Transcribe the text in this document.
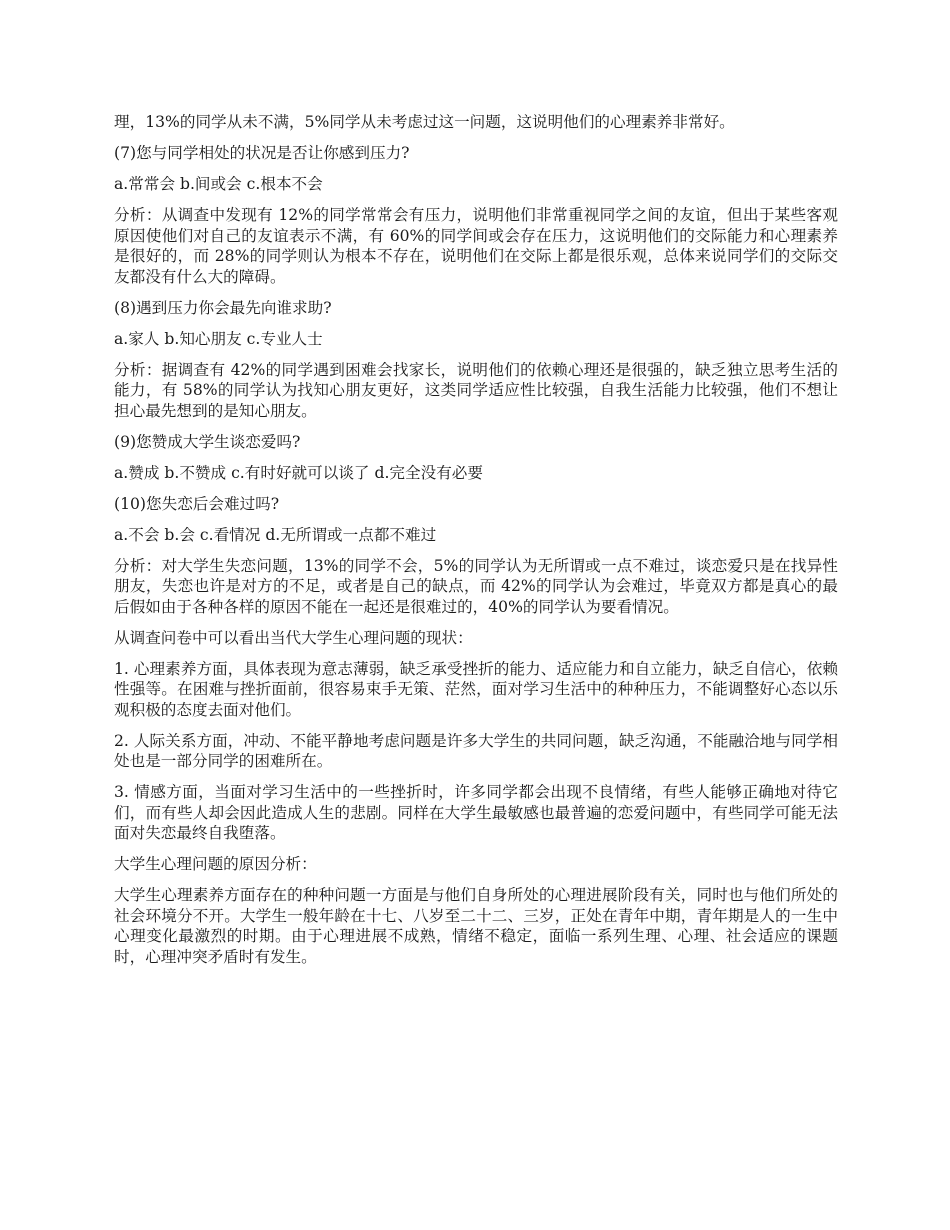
理，13%的同学从未不满，5%同学从未考虑过这一问题，这说明他们的心理素养非常好。

(7)您与同学相处的状况是否让你感到压力?

a.常常会 b.间或会 c.根本不会

分析：从调查中发现有 12%的同学常常会有压力，说明他们非常重视同学之间的友谊，但出于某些客观原因使他们对自己的友谊表示不满，有 60%的同学间或会存在压力，这说明他们的交际能力和心理素养是很好的，而 28%的同学则认为根本不存在，说明他们在交际上都是很乐观，总体来说同学们的交际交友都没有什么大的障碍。

(8)遇到压力你会最先向谁求助?

a.家人 b.知心朋友 c.专业人士

分析：据调查有 42%的同学遇到困难会找家长，说明他们的依赖心理还是很强的，缺乏独立思考生活的能力，有 58%的同学认为找知心朋友更好，这类同学适应性比较强，自我生活能力比较强，他们不想让担心最先想到的是知心朋友。

(9)您赞成大学生谈恋爱吗?

a.赞成 b.不赞成 c.有时好就可以谈了 d.完全没有必要

(10)您失恋后会难过吗?

a.不会 b.会 c.看情况 d.无所谓或一点都不难过

分析：对大学生失恋问题，13%的同学不会，5%的同学认为无所谓或一点不难过，谈恋爱只是在找异性朋友，失恋也许是对方的不足，或者是自己的缺点，而 42%的同学认为会难过，毕竟双方都是真心的最后假如由于各种各样的原因不能在一起还是很难过的，40%的同学认为要看情况。

从调查问卷中可以看出当代大学生心理问题的现状：

1. 心理素养方面，具体表现为意志薄弱，缺乏承受挫折的能力、适应能力和自立能力，缺乏自信心，依赖性强等。在困难与挫折面前，很容易束手无策、茫然，面对学习生活中的种种压力，不能调整好心态以乐观积极的态度去面对他们。

2. 人际关系方面，冲动、不能平静地考虑问题是许多大学生的共同问题，缺乏沟通，不能融洽地与同学相处也是一部分同学的困难所在。

3. 情感方面，当面对学习生活中的一些挫折时，许多同学都会出现不良情绪，有些人能够正确地对待它们，而有些人却会因此造成人生的悲剧。同样在大学生最敏感也最普遍的恋爱问题中，有些同学可能无法面对失恋最终自我堕落。

大学生心理问题的原因分析：

大学生心理素养方面存在的种种问题一方面是与他们自身所处的心理进展阶段有关，同时也与他们所处的社会环境分不开。大学生一般年龄在十七、八岁至二十二、三岁，正处在青年中期，青年期是人的一生中心理变化最激烈的时期。由于心理进展不成熟，情绪不稳定，面临一系列生理、心理、社会适应的课题时，心理冲突矛盾时有发生。
